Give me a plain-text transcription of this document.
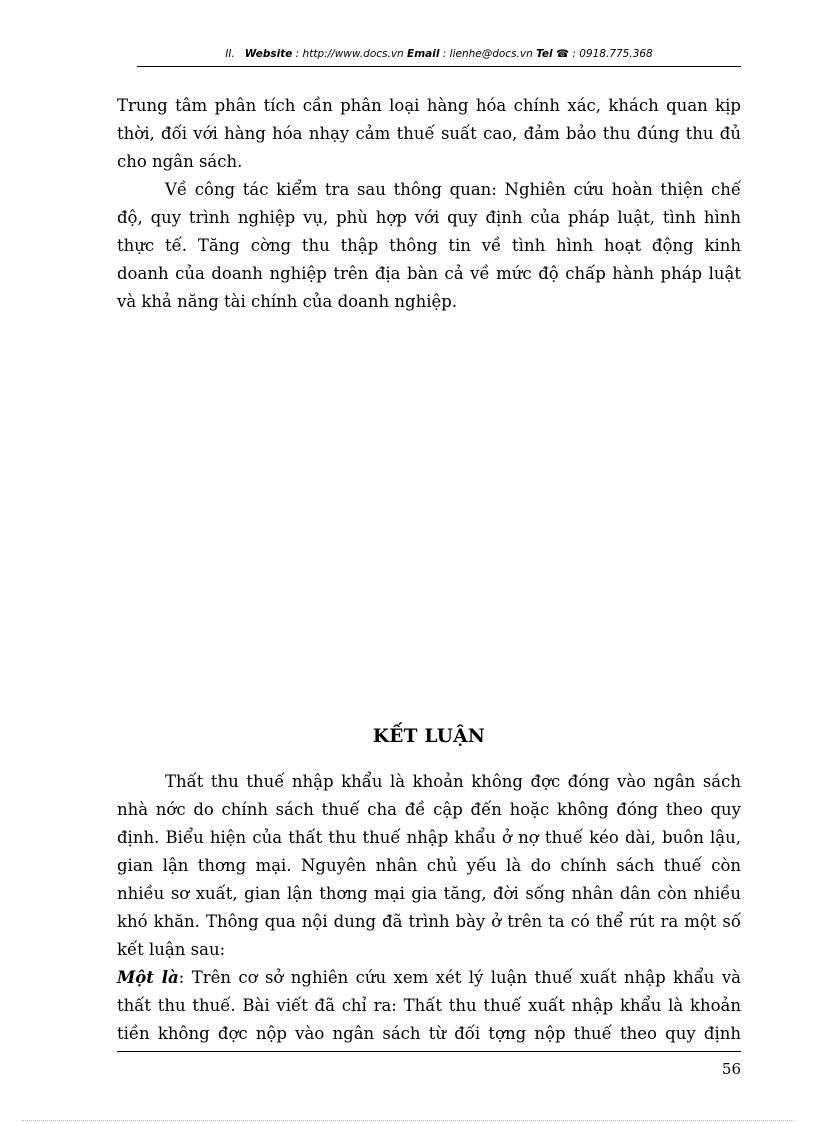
II. Website : http://www.docs.vn Email : lienhe@docs.vn Tel ☎ : 0918.775.368

Trung tâm phân tích cần phân loại hàng hóa chính xác, khách quan kịp
thời, đối với hàng hóa nhạy cảm thuế suất cao, đảm bảo thu đúng thu đủ
cho ngân sách.

Về công tác kiểm tra sau thông quan: Nghiên cứu hoàn thiện chế
độ, quy trình nghiệp vụ, phù hợp với quy định của pháp luật, tình hình
thực tế. Tăng cờng thu thập thông tin về tình hình hoạt động kinh
doanh của doanh nghiệp trên địa bàn cả về mức độ chấp hành pháp luật
và khả năng tài chính của doanh nghiệp.

KẾT LUẬN

Thất thu thuế nhập khẩu là khoản không đợc đóng vào ngân sách
nhà nớc do chính sách thuế cha đề cập đến hoặc không đóng theo quy
định. Biểu hiện của thất thu thuế nhập khẩu ở nợ thuế kéo dài, buôn lậu,
gian lận thơng mại. Nguyên nhân chủ yếu là do chính sách thuế còn
nhiều sơ xuất, gian lận thơng mại gia tăng, đời sống nhân dân còn nhiều
khó khăn. Thông qua nội dung đã trình bày ở trên ta có thể rút ra một số
kết luận sau:

Một là: Trên cơ sở nghiên cứu xem xét lý luận thuế xuất nhập khẩu và
thất thu thuế. Bài viết đã chỉ ra: Thất thu thuế xuất nhập khẩu là khoản
tiền không đợc nộp vào ngân sách từ đối tợng nộp thuế theo quy định

56
